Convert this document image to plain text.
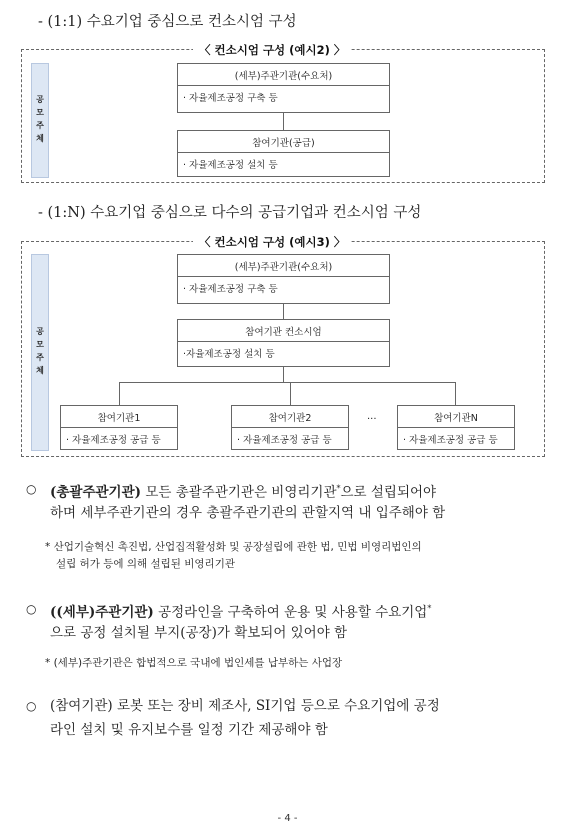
- (1:1) 수요기업 중심으로 컨소시엄 구성
〈 컨소시엄 구성 (예시2) 〉
공모주체
(세부)주관기관(수요처)
· 자율제조공정 구축 등
참여기관(공급)
· 자율제조공정 설치 등
- (1:N) 수요기업 중심으로 다수의 공급기업과 컨소시엄 구성
〈 컨소시엄 구성 (예시3) 〉
공모주체
(세부)주관기관(수요처)
· 자율제조공정 구축 등
참여기관 컨소시엄
·자율제조공정 설치 등
참여기관1
· 자율제조공정 공급 등
참여기관2
· 자율제조공정 공급 등
...	참여기관N
· 자율제조공정 공급 등
○ (총괄주관기관) 모든 총괄주관기관은 비영리기관*으로 설립되어야
하며 세부주관기관의 경우 총괄주관기관의 관할지역 내 입주해야 함
* 산업기술혁신 촉진법, 산업집적활성화 및 공장설립에 관한 법, 민법 비영리법인의
설립 허가 등에 의해 설립된 비영리기관
○ ((세부)주관기관) 공정라인을 구축하여 운용 및 사용할 수요기업*
으로 공정 설치될 부지(공장)가 확보되어 있어야 함
* (세부)주관기관은 합법적으로 국내에 법인세를 납부하는 사업장
○ (참여기관) 로봇 또는 장비 제조사, SI기업 등으로 수요기업에 공정
라인 설치 및 유지보수를 일정 기간 제공해야 함
- 4 -
